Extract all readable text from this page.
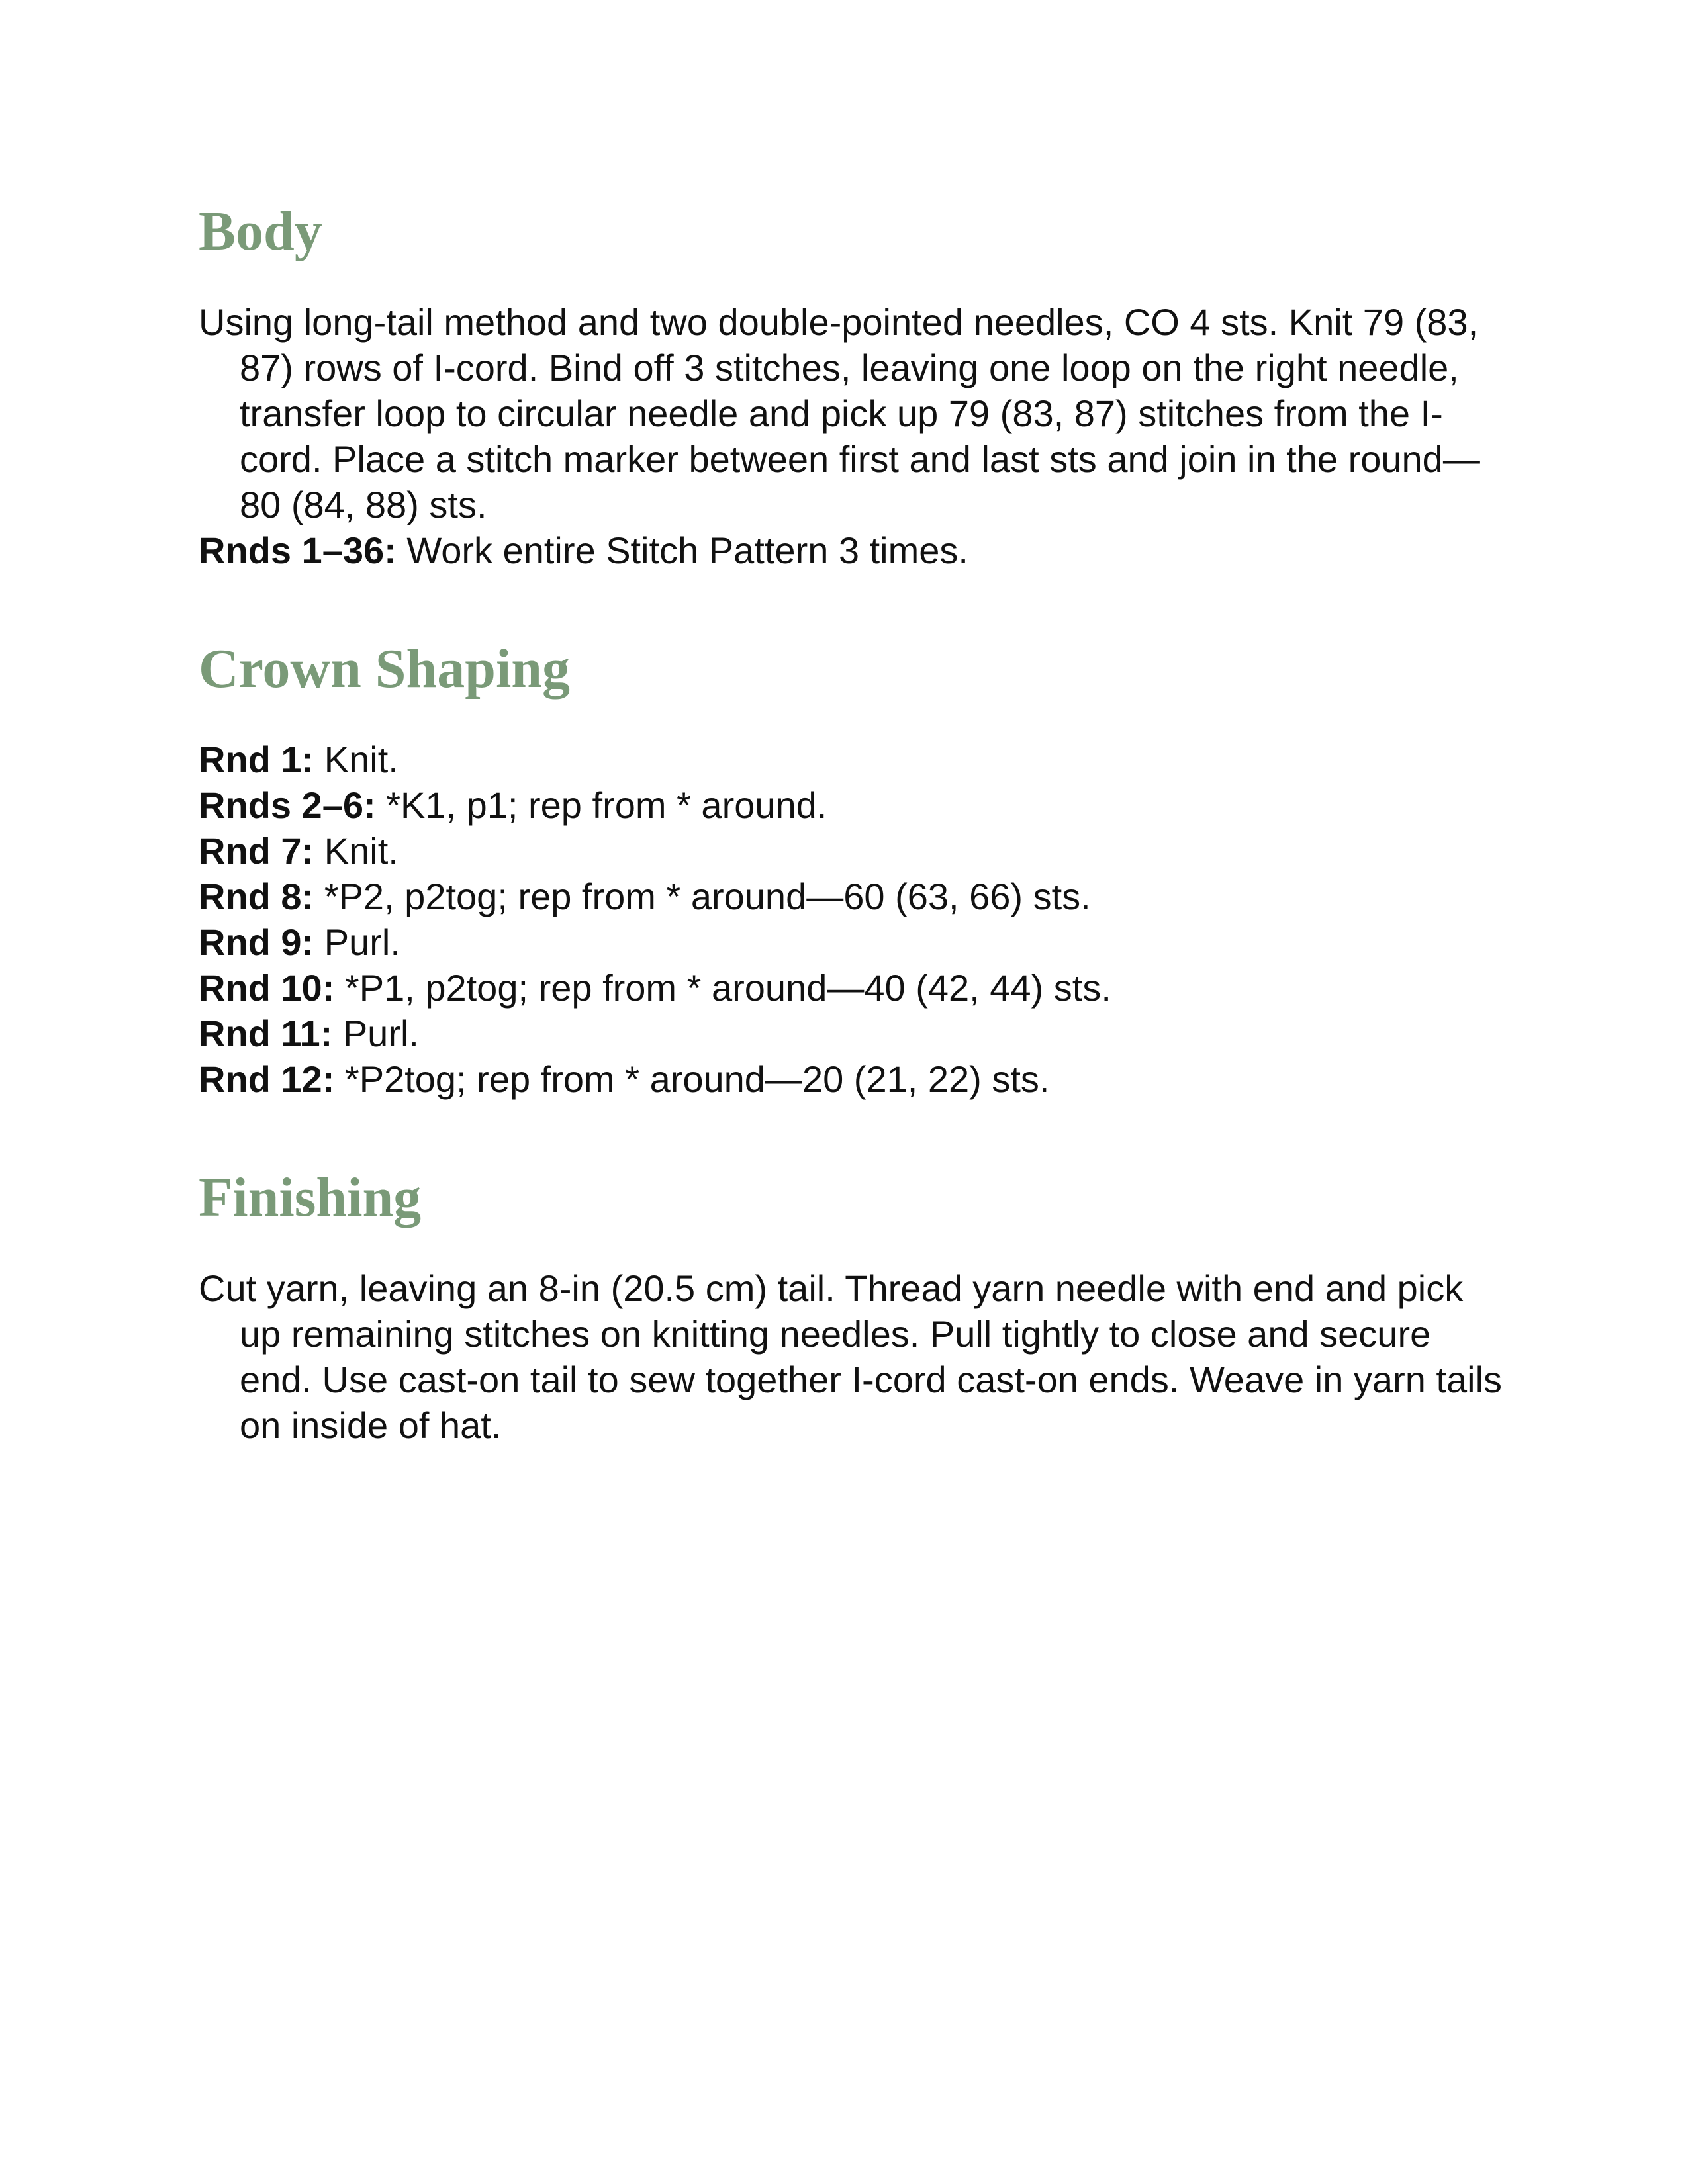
Body

Using long-tail method and two double-pointed needles, CO 4 sts. Knit 79 (83, 87) rows of I-cord. Bind off 3 stitches, leaving one loop on the right needle, transfer loop to circular needle and pick up 79 (83, 87) stitches from the I-cord. Place a stitch marker between first and last sts and join in the round—80 (84, 88) sts.

Rnds 1–36: Work entire Stitch Pattern 3 times.

Crown Shaping

Rnd 1: Knit.

Rnds 2–6: *K1, p1; rep from * around.

Rnd 7: Knit.

Rnd 8: *P2, p2tog; rep from * around—60 (63, 66) sts.

Rnd 9: Purl.

Rnd 10: *P1, p2tog; rep from * around—40 (42, 44) sts.

Rnd 11: Purl.

Rnd 12: *P2tog; rep from * around—20 (21, 22) sts.

Finishing

Cut yarn, leaving an 8-in (20.5 cm) tail. Thread yarn needle with end and pick up remaining stitches on knitting needles. Pull tightly to close and secure end. Use cast-on tail to sew together I-cord cast-on ends. Weave in yarn tails on inside of hat.
